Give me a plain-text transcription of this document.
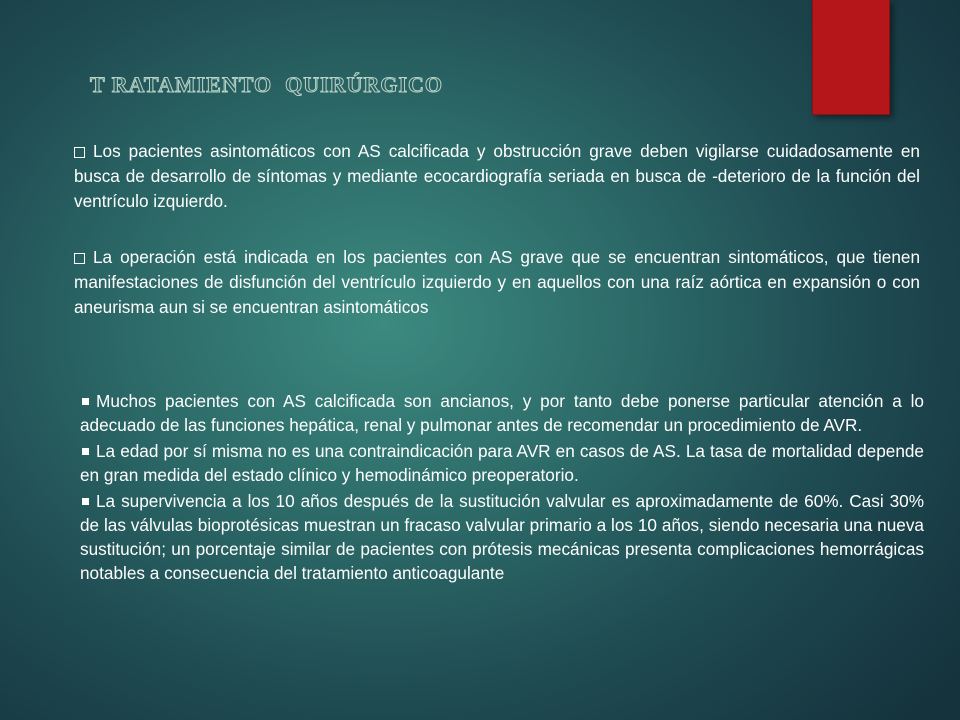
T RATAMIENTO  QUIRÚRGICO

Los pacientes asintomáticos con AS calcificada y obstrucción grave deben vigilarse cuidadosamente en busca de desarrollo de síntomas y mediante ecocardiografía seriada en busca de -deterioro de la función del ventrículo izquierdo.

La operación está indicada en los pacientes con AS grave que se encuentran sintomáticos, que tienen manifestaciones de disfunción del ventrículo izquierdo y en aquellos con una raíz aórtica en expansión o con aneurisma aun si se encuentran asintomáticos

Muchos pacientes con AS calcificada son ancianos, y por tanto debe ponerse particular atención a lo adecuado de las funciones hepática, renal y pulmonar antes de recomendar un procedimiento de AVR.
La edad por sí misma no es una contraindicación para AVR en casos de AS. La tasa de mortalidad depende en gran medida del estado clínico y hemodinámico preoperatorio.
La supervivencia a los 10 años después de la sustitución valvular es aproximadamente de 60%. Casi 30% de las válvulas bioprotésicas muestran un fracaso valvular primario a los 10 años, siendo necesaria una nueva sustitución; un porcentaje similar de pacientes con prótesis mecánicas presenta complicaciones hemorrágicas notables a consecuencia del tratamiento anticoagulante
